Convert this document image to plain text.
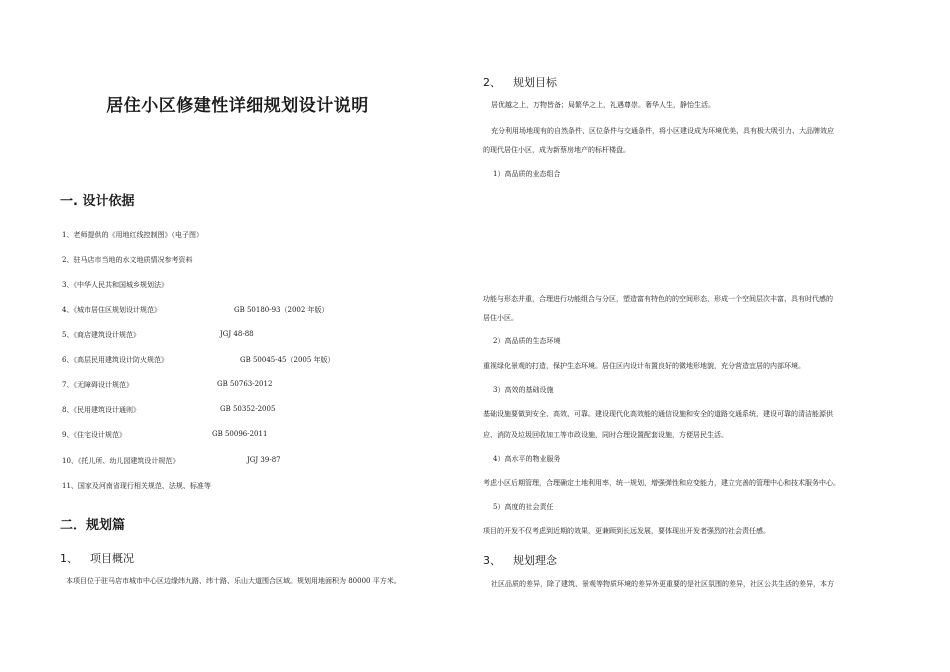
居住小区修建性详细规划设计说明
一. 设计依据
1、老师提供的《用地红线控制图》（电子图）
2、驻马店市当地的水文地质情况参考资料
3、《中华人民共和国城乡规划法》
4、《城市居住区规划设计规范》	GB 50180-93（2002 年版）
5、《商店建筑设计规范》	JGJ 48-88
6、《高层民用建筑设计防火规范》	GB 50045-45（2005 年版）
7、《无障碍设计规范》	GB 50763-2012
8、《民用建筑设计通则》	GB 50352-2005
9、《住宅设计规范》	GB 50096-2011
10、《托儿所、幼儿园建筑设计规范》	JGJ 39-87
11、国家及河南省现行相关规范、法规、标准等
二．规划篇
1、 项目概况
本项目位于驻马店市城市中心区边缘纬九路、纬十路、乐山大道围合区域。规划用地面积为 80000 平方米。
2、 规划目标
居优越之上，万物皆备；局繁华之上，礼遇尊崇。奢华人生，静怡生活。
充分利用场地现有的自然条件、区位条件与交通条件，将小区建设成为环境优美、具有极大吸引力、大品牌效应
的现代居住小区，成为新蔡房地产的标杆楼盘。
1）高品质的业态组合
功能与形态并重，合理进行功能组合与分区，塑造富有特色的的空间形态，形成一个空间层次丰富、具有时代感的
居住小区。
2）高品质的生态环境
重视绿化景观的打造，保护生态环境。居住区内设计布置良好的微地形地貌，充分营造宜居的内部环境。
3）高效的基础设施
基础设施要做到安全、高效、可靠。建设现代化高效能的通信设施和安全的道路交通系统，建设可靠的清洁能源供
应、消防及垃圾回收加工等市政设施，同时合理设置配套设施，方便居民生活。
4）高水平的物业服务
考虑小区后期管理，合理确定土地利用率，统一规划，增强弹性和应变能力，建立完善的管理中心和技术服务中心。
5）高度的社会责任
项目的开发不仅考虑到近期的效果，更兼顾到长远发展，要体现出开发者强烈的社会责任感。
3、 规划理念
社区品质的差异，除了建筑、景观等物质环境的差异外更重要的是社区氛围的差异，社区公共生活的差异，本方
